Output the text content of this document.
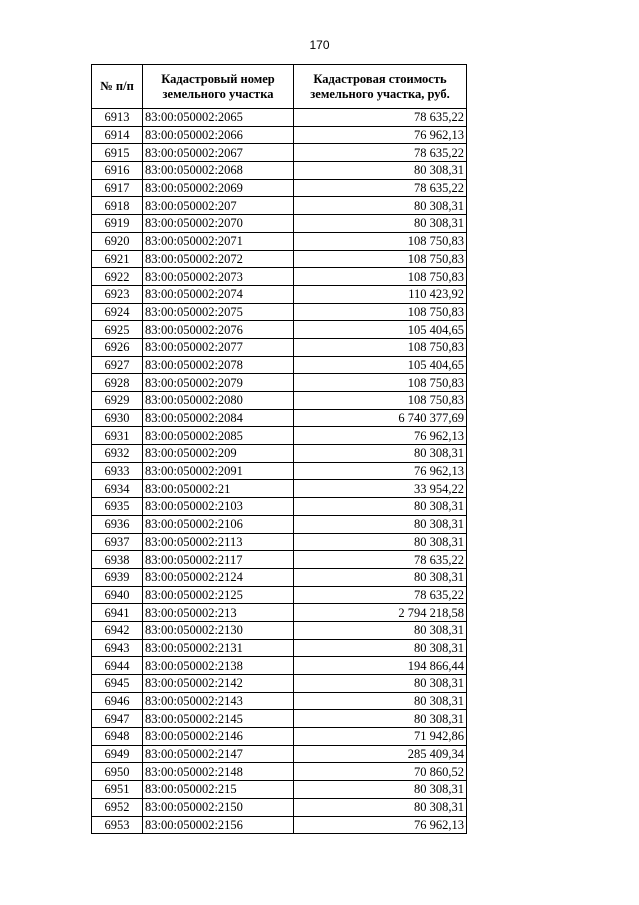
170
№ п/п	Кадастровый номер земельного участка	Кадастровая стоимость земельного участка, руб.
6913	83:00:050002:2065	78 635,22
6914	83:00:050002:2066	76 962,13
6915	83:00:050002:2067	78 635,22
6916	83:00:050002:2068	80 308,31
6917	83:00:050002:2069	78 635,22
6918	83:00:050002:207	80 308,31
6919	83:00:050002:2070	80 308,31
6920	83:00:050002:2071	108 750,83
6921	83:00:050002:2072	108 750,83
6922	83:00:050002:2073	108 750,83
6923	83:00:050002:2074	110 423,92
6924	83:00:050002:2075	108 750,83
6925	83:00:050002:2076	105 404,65
6926	83:00:050002:2077	108 750,83
6927	83:00:050002:2078	105 404,65
6928	83:00:050002:2079	108 750,83
6929	83:00:050002:2080	108 750,83
6930	83:00:050002:2084	6 740 377,69
6931	83:00:050002:2085	76 962,13
6932	83:00:050002:209	80 308,31
6933	83:00:050002:2091	76 962,13
6934	83:00:050002:21	33 954,22
6935	83:00:050002:2103	80 308,31
6936	83:00:050002:2106	80 308,31
6937	83:00:050002:2113	80 308,31
6938	83:00:050002:2117	78 635,22
6939	83:00:050002:2124	80 308,31
6940	83:00:050002:2125	78 635,22
6941	83:00:050002:213	2 794 218,58
6942	83:00:050002:2130	80 308,31
6943	83:00:050002:2131	80 308,31
6944	83:00:050002:2138	194 866,44
6945	83:00:050002:2142	80 308,31
6946	83:00:050002:2143	80 308,31
6947	83:00:050002:2145	80 308,31
6948	83:00:050002:2146	71 942,86
6949	83:00:050002:2147	285 409,34
6950	83:00:050002:2148	70 860,52
6951	83:00:050002:215	80 308,31
6952	83:00:050002:2150	80 308,31
6953	83:00:050002:2156	76 962,13
